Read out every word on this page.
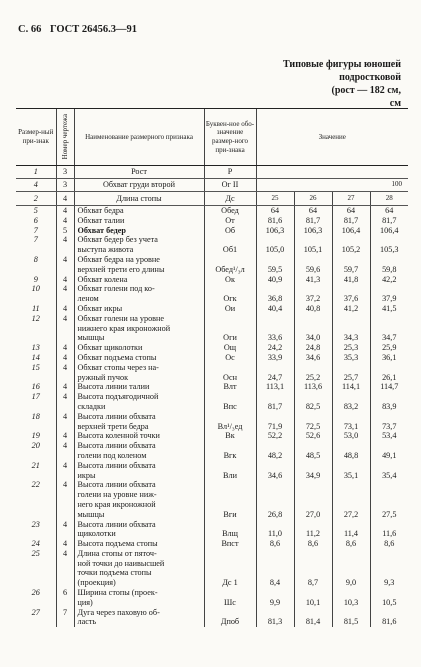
С. 66 ГОСТ 26456.3—91
Типовые фигуры юношей подростковой
(рост — 182 см,
см
Размер-ный при-знак	Номер чертежа	Наименование размерного признака	Буквен-ное обо-значение размер-ного при-знака	Значение			
1	3	Рост	Р				
4	3	Обхват груди второй	Ог II	100			
2	4	Длина стопы	Дс	25	26	27	28
5	4	Обхват бедра	Обед	64	64	64	64
6	4	Обхват талии	От	81,6	81,7	81,7	81,7
7	5	Обхват бедер	Об	106,3	106,3	106,4	106,4
7	4	Обхват бедер без учета
выступа живота	Об1	105,0	105,1	105,2	105,3
8	4	Обхват бедра на уровне
верхней трети его длины	Обед¹/₃л	59,5	59,6	59,7	59,8
9	4	Обхват колена	Ок	40,9	41,3	41,8	42,2
10	4	Обхват голени под ко-
леном	Огк	36,8	37,2	37,6	37,9
11	4	Обхват икры	Ои	40,4	40,8	41,2	41,5
12	4	Обхват голени на уровне
нижнего края икроножной
мышцы	Оги	33,6	34,0	34,3	34,7
13	4	Обхват щиколотки	Ощ	24,2	24,8	25,3	25,9
14	4	Обхват подъема стопы	Ос	33,9	34,6	35,3	36,1
15	4	Обхват стопы через на-
ружный пучок	Осн	24,7	25,2	25,7	26,1
16	4	Высота линии талии	Влт	113,1	113,6	114,1	114,7
17	4	Высота подъягодичной
складки	Впс	81,7	82,5	83,2	83,9
18	4	Высота линии обхвата
верхней трети бедра	Вл¹/₃ед	71,9	72,5	73,1	73,7
19	4	Высота коленной точки	Вк	52,2	52,6	53,0	53,4
20	4	Высота линии обхвата
голени под коленом	Вгк	48,2	48,5	48,8	49,1
21	4	Высота линии обхвата
икры	Вли	34,6	34,9	35,1	35,4
22	4	Высота линии обхвата
голени на уровне ниж-
него края икроножной
мышцы	Вги	26,8	27,0	27,2	27,5
23	4	Высота линии обхвата
щиколотки	Влщ	11,0	11,2	11,4	11,6
24	4	Высота подъема стопы	Впст	8,6	8,6	8,6	8,6
25	4	Длина стопы от пяточ-
ной точки до наивысшей
точки подъема стопы
(проекция)	Дс 1	8,4	8,7	9,0	9,3
26	6	Ширина стопы (проек-
ция)	Шс	9,9	10,1	10,3	10,5
27	7	Дуга через паховую об-
ласть	Дпоб	81,3	81,4	81,5	81,6
